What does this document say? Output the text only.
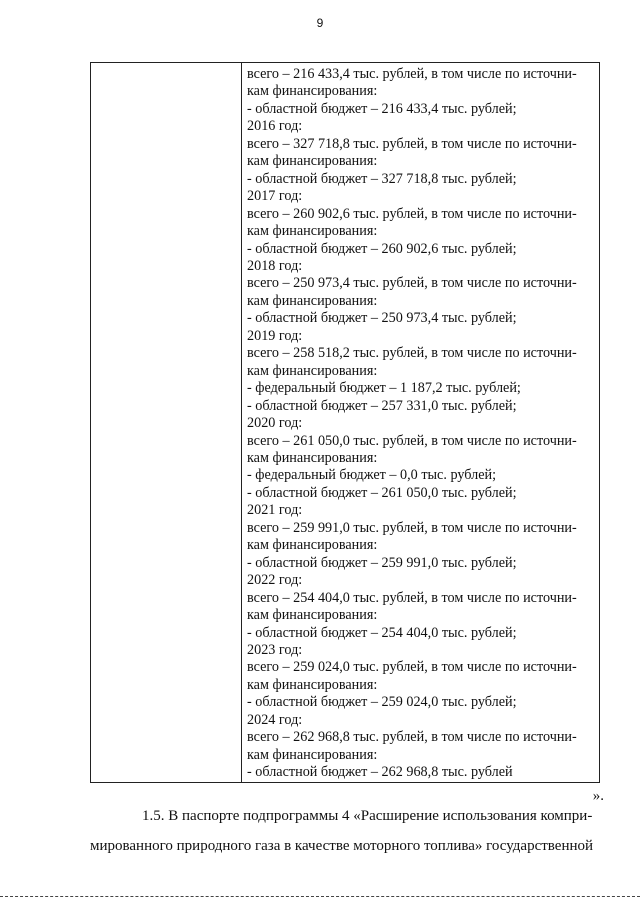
9
всего – 216 433,4 тыс. рублей, в том числе по источни-
кам финансирования:
- областной бюджет – 216 433,4 тыс. рублей;
2016 год:
всего – 327 718,8 тыс. рублей, в том числе по источни-
кам финансирования:
- областной бюджет – 327 718,8 тыс. рублей;
2017 год:
всего – 260 902,6 тыс. рублей, в том числе по источни-
кам финансирования:
- областной бюджет – 260 902,6 тыс. рублей;
2018 год:
всего – 250 973,4 тыс. рублей, в том числе по источни-
кам финансирования:
- областной бюджет – 250 973,4 тыс. рублей;
2019 год:
всего – 258 518,2 тыс. рублей, в том числе по источни-
кам финансирования:
- федеральный бюджет – 1 187,2 тыс. рублей;
- областной бюджет – 257 331,0 тыс. рублей;
2020 год:
всего – 261 050,0 тыс. рублей, в том числе по источни-
кам финансирования:
- федеральный бюджет – 0,0 тыс. рублей;
- областной бюджет – 261 050,0 тыс. рублей;
2021 год:
всего – 259 991,0 тыс. рублей, в том числе по источни-
кам финансирования:
- областной бюджет – 259 991,0 тыс. рублей;
2022 год:
всего – 254 404,0 тыс. рублей, в том числе по источни-
кам финансирования:
- областной бюджет – 254 404,0 тыс. рублей;
2023 год:
всего – 259 024,0 тыс. рублей, в том числе по источни-
кам финансирования:
- областной бюджет – 259 024,0 тыс. рублей;
2024 год:
всего – 262 968,8 тыс. рублей, в том числе по источни-
кам финансирования:
- областной бюджет – 262 968,8 тыс. рублей
».
1.5. В паспорте подпрограммы 4 «Расширение использования компри-
мированного природного газа в качестве моторного топлива» государственной
